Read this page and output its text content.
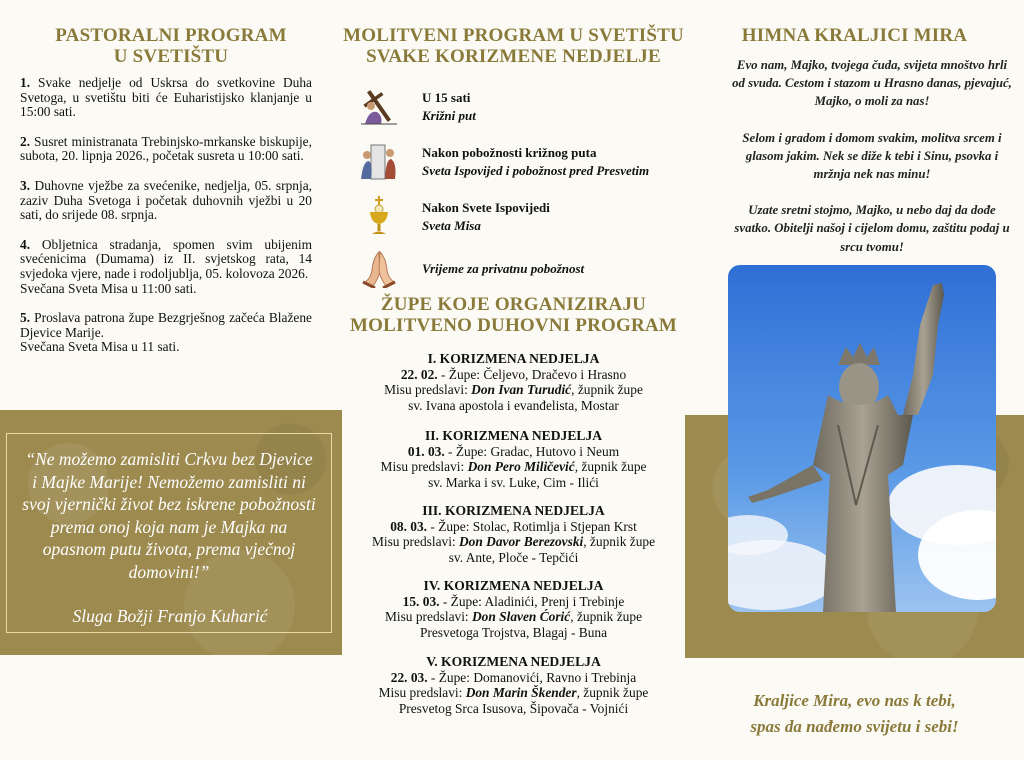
PASTORALNI PROGRAM
U SVETIŠTU

1. Svake nedjelje od Uskrsa do svetkovine Duha Svetoga, u svetištu biti će Euharistijsko klanjanje u 15:00 sati.

2. Susret ministranata Trebinjsko-mrkanske biskupije, subota, 20. lipnja 2026., početak susreta u 10:00 sati.

3. Duhovne vježbe za svećenike, nedjelja, 05. srpnja, zaziv Duha Svetoga i početak duhovnih vježbi u 20 sati, do srijede 08. srpnja.

4. Obljetnica stradanja, spomen svim ubijenim svećenicima (Dumama) iz II. svjetskog rata, 14 svjedoka vjere, nade i rodoljublja, 05. kolovoza 2026.
Svečana Sveta Misa u 11:00 sati.

5. Proslava patrona župe Bezgrješnog začeća Blažene Djevice Marije.
Svečana Sveta Misa u 11 sati.

“Ne možemo zamisliti Crkvu bez Djevice i Majke Marije! Nemožemo zamisliti ni svoj vjernički život bez iskrene pobožnosti prema onoj koja nam je Majka na opasnom putu života, prema vječnoj domovini!”
Sluga Božji Franjo Kuharić
MOLITVENI PROGRAM U SVETIŠTU
SVAKE KORIZMENE NEDJELJE
U 15 sati
Križni put
Nakon pobožnosti križnog puta
Sveta Ispovijed i pobožnost pred Presvetim
Nakon Svete Ispovijedi
Sveta Misa
Vrijeme za privatnu pobožnost
ŽUPE KOJE ORGANIZIRAJU
MOLITVENO DUHOVNI PROGRAM
I. KORIZMENA NEDJELJA
22. 02. - Župe: Čeljevo, Dračevo i Hrasno
Misu predslavi: Don Ivan Turudić, župnik župe
sv. Ivana apostola i evanđelista, Mostar
II. KORIZMENA NEDJELJA
01. 03. - Župe: Gradac, Hutovo i Neum
Misu predslavi: Don Pero Miličević, župnik župe
sv. Marka i sv. Luke, Cim - Ilići
III. KORIZMENA NEDJELJA
08. 03. - Župe: Stolac, Rotimlja i Stjepan Krst
Misu predslavi: Don Davor Berezovski, župnik župe
sv. Ante, Ploče - Tepčići
IV. KORIZMENA NEDJELJA
15. 03. - Župe: Aladinići, Prenj i Trebinje
Misu predslavi: Don Slaven Ćorić, župnik župe
Presvetoga Trojstva, Blagaj - Buna
V. KORIZMENA NEDJELJA
22. 03. - Župe: Domanovići, Ravno i Trebinja
Misu predslavi: Don Marin Škender, župnik župe
Presvetog Srca Isusova, Šipovača - Vojnići
HIMNA KRALJICI MIRA

Evo nam, Majko, tvojega čuda, svijeta mnoštvo hrli od svuda. Cestom i stazom u Hrasno danas, pjevajuć, Majko, o moli za nas!

Selom i gradom i domom svakim, molitva srcem i glasom jakim. Nek se diže k tebi i Sinu, psovka i mržnja nek nas minu!

Uzate sretni stojmo, Majko, u nebo daj da dođe svatko. Obitelji našoj i cijelom domu, zaštitu podaj u srcu tvomu!

Kraljice Mira, evo nas k tebi,
spas da nađemo svijetu i sebi!
